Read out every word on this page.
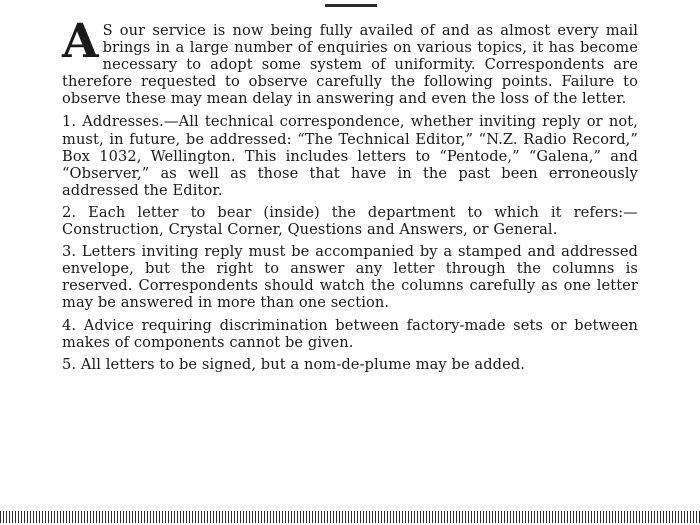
A S our service is now being fully availed of and as almost every mail brings in a large number of enquiries on various topics, it has become necessary to adopt some system of uniformity. Correspondents are therefore requested to observe carefully the following points. Failure to observe these may mean delay in answering and even the loss of the letter.

1. Addresses.—All technical correspondence, whether inviting reply or not, must, in future, be addressed: “The Technical Editor,” “N.Z. Radio Record,” Box 1032, Wellington. This includes letters to “Pentode,” “Galena,” and “Observer,” as well as those that have in the past been erroneously addressed the Editor.

2. Each letter to bear (inside) the department to which it refers:—Construction, Crystal Corner, Questions and Answers, or General.

3. Letters inviting reply must be accompanied by a stamped and addressed envelope, but the right to answer any letter through the columns is reserved. Correspondents should watch the columns carefully as one letter may be answered in more than one section.

4. Advice requiring discrimination between factory-made sets or between makes of components cannot be given.

5. All letters to be signed, but a nom-de-plume may be added.
